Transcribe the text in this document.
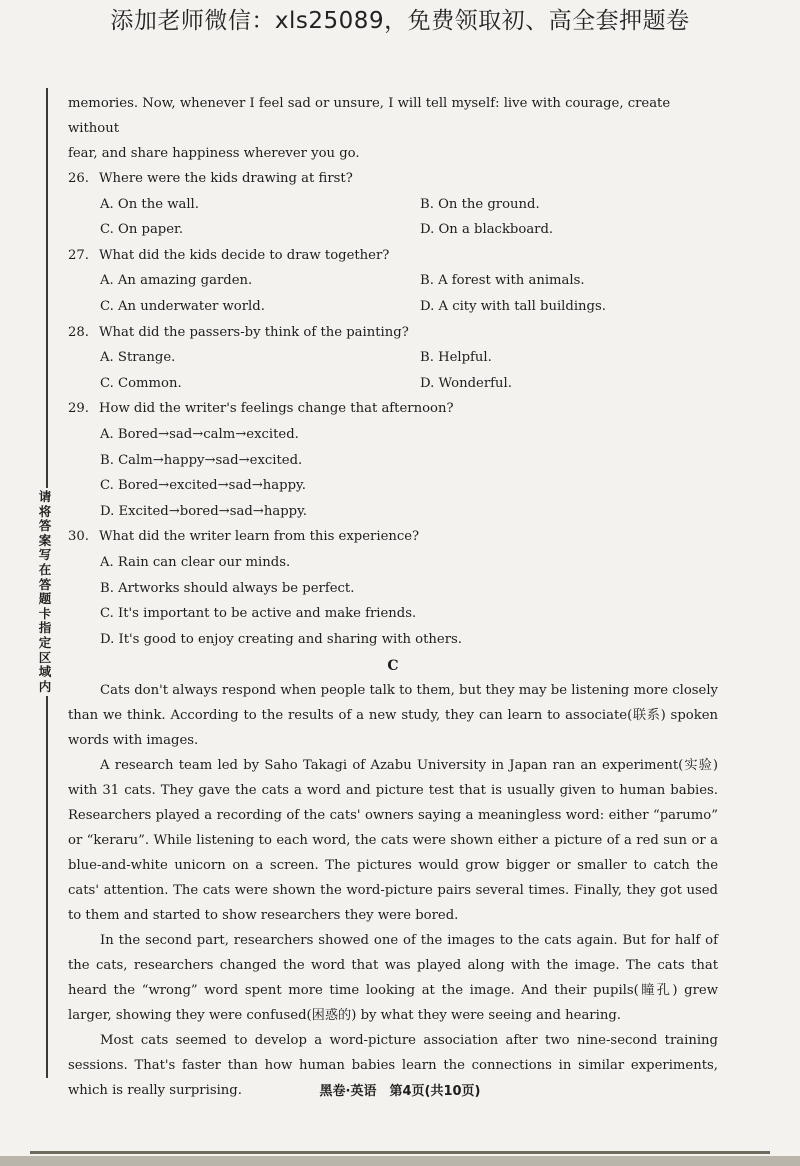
添加老师微信：xls25089，免费领取初、高全套押题卷
请将答案写在答题卡指定区域内

memories. Now, whenever I feel sad or unsure, I will tell myself: live with courage, create without

fear, and share happiness wherever you go.

26. Where were the kids drawing at first?

A. On the wall.	B. On the ground.
C. On paper.	D. On a blackboard.

27. What did the kids decide to draw together?

A. An amazing garden.	B. A forest with animals.
C. An underwater world.	D. A city with tall buildings.

28. What did the passers-by think of the painting?

A. Strange.	B. Helpful.
C. Common.	D. Wonderful.

29. How did the writer's feelings change that afternoon?

A. Bored→sad→calm→excited.
B. Calm→happy→sad→excited.
C. Bored→excited→sad→happy.
D. Excited→bored→sad→happy.

30. What did the writer learn from this experience?

A. Rain can clear our minds.
B. Artworks should always be perfect.
C. It's important to be active and make friends.
D. It's good to enjoy creating and sharing with others.
C

Cats don't always respond when people talk to them, but they may be listening more closely than we think. According to the results of a new study, they can learn to associate(联系) spoken words with images.

A research team led by Saho Takagi of Azabu University in Japan ran an experiment(实验) with 31 cats. They gave the cats a word and picture test that is usually given to human babies. Researchers played a recording of the cats' owners saying a meaningless word: either “parumo” or “keraru”. While listening to each word, the cats were shown either a picture of a red sun or a blue-and-white unicorn on a screen. The pictures would grow bigger or smaller to catch the cats' attention. The cats were shown the word-picture pairs several times. Finally, they got used to them and started to show researchers they were bored.

In the second part, researchers showed one of the images to the cats again. But for half of the cats, researchers changed the word that was played along with the image. The cats that heard the “wrong” word spent more time looking at the image. And their pupils(瞳孔) grew larger, showing they were confused(困惑的) by what they were seeing and hearing.

Most cats seemed to develop a word-picture association after two nine-second training sessions. That's faster than how human babies learn the connections in similar experiments, which is really surprising.	黑卷·英语　第4页(共10页)
